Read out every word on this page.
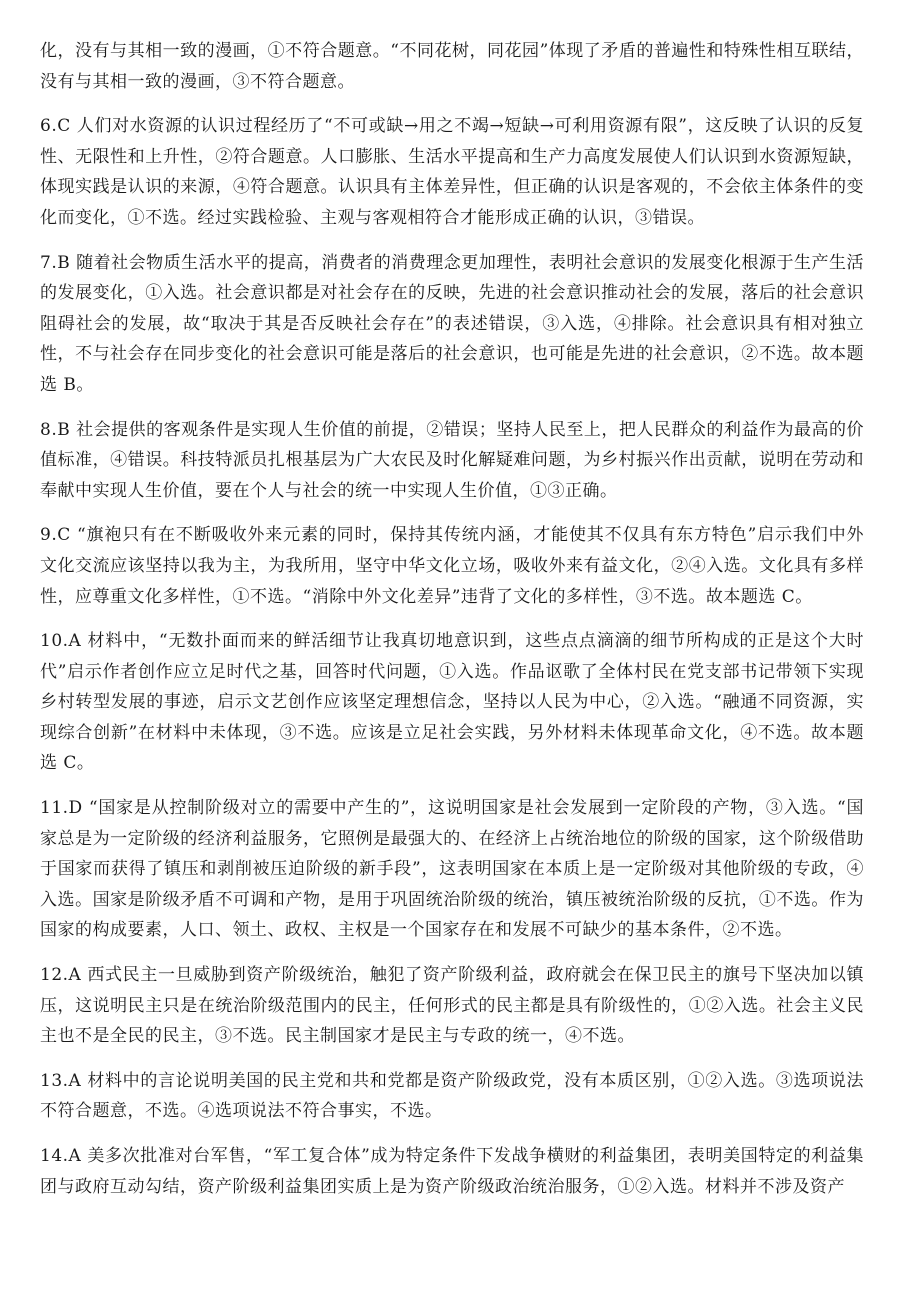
化，没有与其相一致的漫画，①不符合题意。“不同花树，同花园”体现了矛盾的普遍性和特殊性相互联结，没有与其相一致的漫画，③不符合题意。

6.C 人们对水资源的认识过程经历了“不可或缺→用之不竭→短缺→可利用资源有限”，这反映了认识的反复性、无限性和上升性，②符合题意。人口膨胀、生活水平提高和生产力高度发展使人们认识到水资源短缺，体现实践是认识的来源，④符合题意。认识具有主体差异性，但正确的认识是客观的，不会依主体条件的变化而变化，①不选。经过实践检验、主观与客观相符合才能形成正确的认识，③错误。

7.B 随着社会物质生活水平的提高，消费者的消费理念更加理性，表明社会意识的发展变化根源于生产生活的发展变化，①入选。社会意识都是对社会存在的反映，先进的社会意识推动社会的发展，落后的社会意识阻碍社会的发展，故“取决于其是否反映社会存在”的表述错误，③入选，④排除。社会意识具有相对独立性，不与社会存在同步变化的社会意识可能是落后的社会意识，也可能是先进的社会意识，②不选。故本题选 B。

8.B 社会提供的客观条件是实现人生价值的前提，②错误；坚持人民至上，把人民群众的利益作为最高的价值标准，④错误。科技特派员扎根基层为广大农民及时化解疑难问题，为乡村振兴作出贡献，说明在劳动和奉献中实现人生价值，要在个人与社会的统一中实现人生价值，①③正确。

9.C “旗袍只有在不断吸收外来元素的同时，保持其传统内涵，才能使其不仅具有东方特色”启示我们中外文化交流应该坚持以我为主，为我所用，坚守中华文化立场，吸收外来有益文化，②④入选。文化具有多样性，应尊重文化多样性，①不选。“消除中外文化差异”违背了文化的多样性，③不选。故本题选 C。

10.A 材料中，“无数扑面而来的鲜活细节让我真切地意识到，这些点点滴滴的细节所构成的正是这个大时代”启示作者创作应立足时代之基，回答时代问题，①入选。作品讴歌了全体村民在党支部书记带领下实现乡村转型发展的事迹，启示文艺创作应该坚定理想信念，坚持以人民为中心，②入选。“融通不同资源，实现综合创新”在材料中未体现，③不选。应该是立足社会实践，另外材料未体现革命文化，④不选。故本题选 C。

11.D “国家是从控制阶级对立的需要中产生的”，这说明国家是社会发展到一定阶段的产物，③入选。“国家总是为一定阶级的经济利益服务，它照例是最强大的、在经济上占统治地位的阶级的国家，这个阶级借助于国家而获得了镇压和剥削被压迫阶级的新手段”，这表明国家在本质上是一定阶级对其他阶级的专政，④入选。国家是阶级矛盾不可调和产物，是用于巩固统治阶级的统治，镇压被统治阶级的反抗，①不选。作为国家的构成要素，人口、领土、政权、主权是一个国家存在和发展不可缺少的基本条件，②不选。

12.A 西式民主一旦威胁到资产阶级统治，触犯了资产阶级利益，政府就会在保卫民主的旗号下坚决加以镇压，这说明民主只是在统治阶级范围内的民主，任何形式的民主都是具有阶级性的，①②入选。社会主义民主也不是全民的民主，③不选。民主制国家才是民主与专政的统一，④不选。

13.A 材料中的言论说明美国的民主党和共和党都是资产阶级政党，没有本质区别，①②入选。③选项说法不符合题意，不选。④选项说法不符合事实，不选。

14.A 美多次批准对台军售，“军工复合体”成为特定条件下发战争横财的利益集团，表明美国特定的利益集团与政府互动勾结，资产阶级利益集团实质上是为资产阶级政治统治服务，①②入选。材料并不涉及资产
